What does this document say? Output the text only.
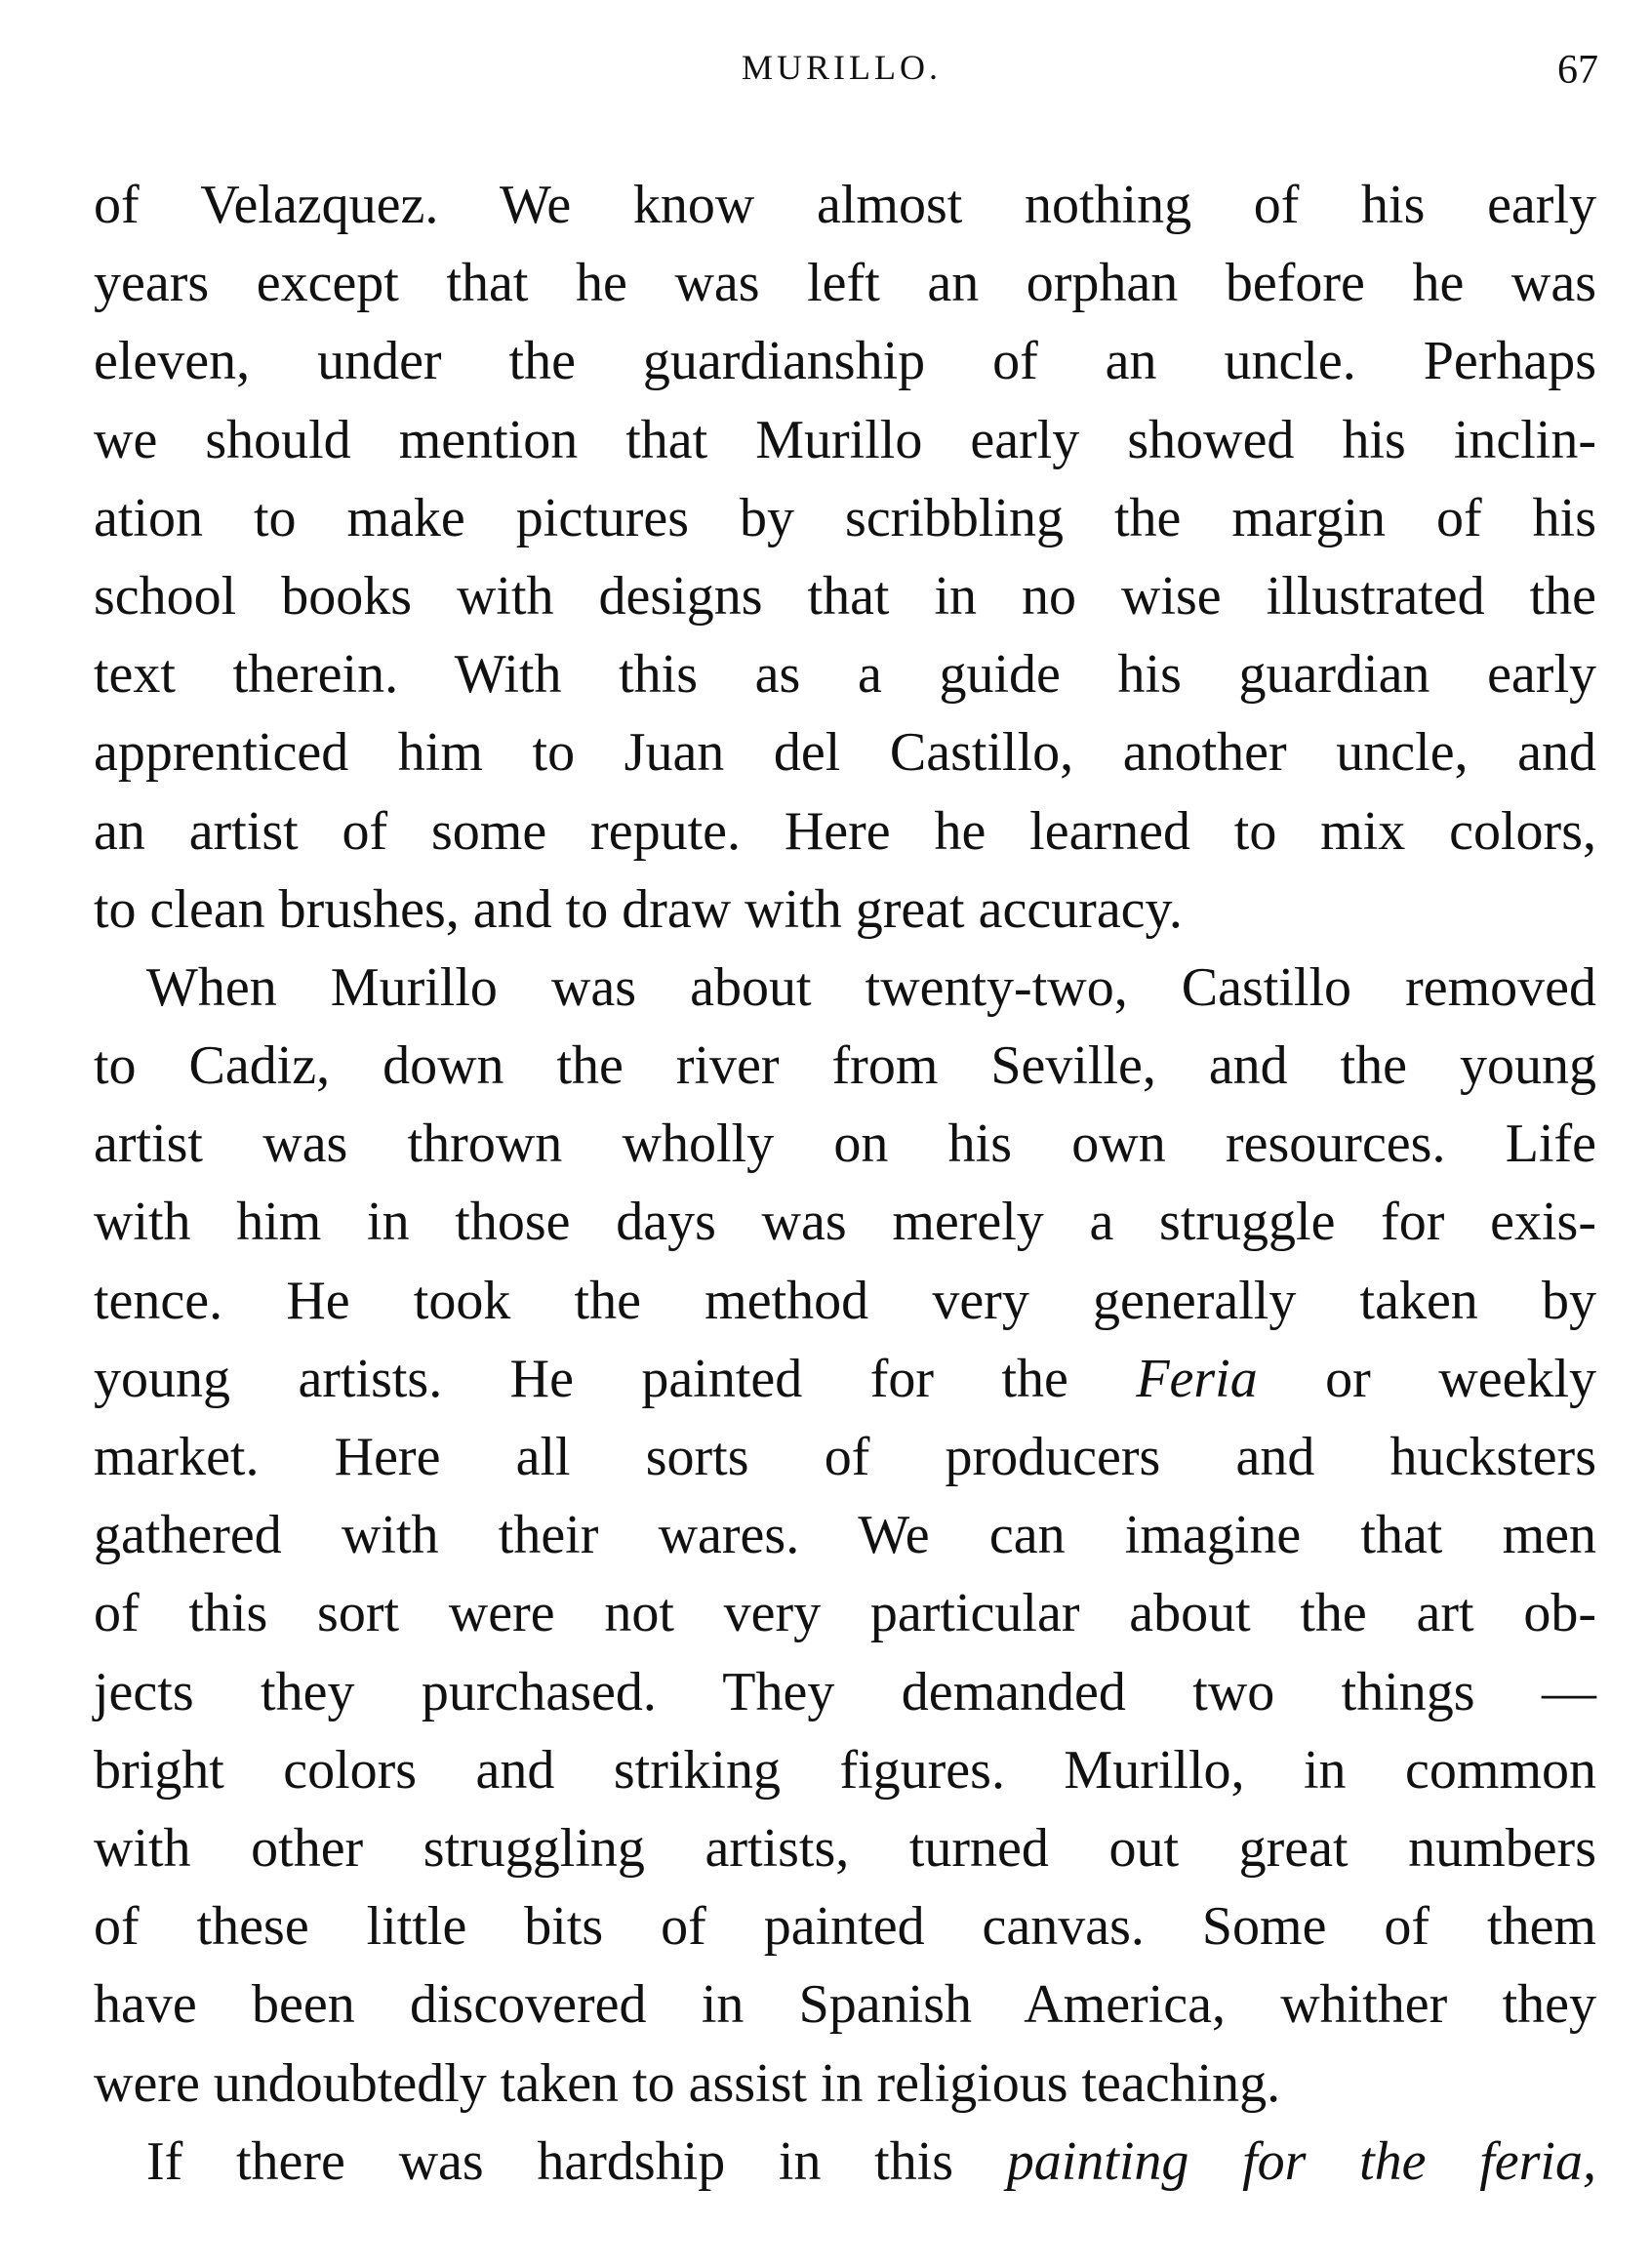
MURILLO.	67
of Velazquez. We know almost nothing of his early
years except that he was left an orphan before he was
eleven, under the guardianship of an uncle. Perhaps
we should mention that Murillo early showed his inclin-
ation to make pictures by scribbling the margin of his
school books with designs that in no wise illustrated the
text therein. With this as a guide his guardian early
apprenticed him to Juan del Castillo, another uncle, and
an artist of some repute. Here he learned to mix colors,
to clean brushes, and to draw with great accuracy.
When Murillo was about twenty-two, Castillo removed
to Cadiz, down the river from Seville, and the young
artist was thrown wholly on his own resources. Life
with him in those days was merely a struggle for exis-
tence. He took the method very generally taken by
young artists. He painted for the Feria or weekly
market. Here all sorts of producers and hucksters
gathered with their wares. We can imagine that men
of this sort were not very particular about the art ob-
jects they purchased. They demanded two things —
bright colors and striking figures. Murillo, in common
with other struggling artists, turned out great numbers
of these little bits of painted canvas. Some of them
have been discovered in Spanish America, whither they
were undoubtedly taken to assist in religious teaching.
If there was hardship in this painting for the feria,
